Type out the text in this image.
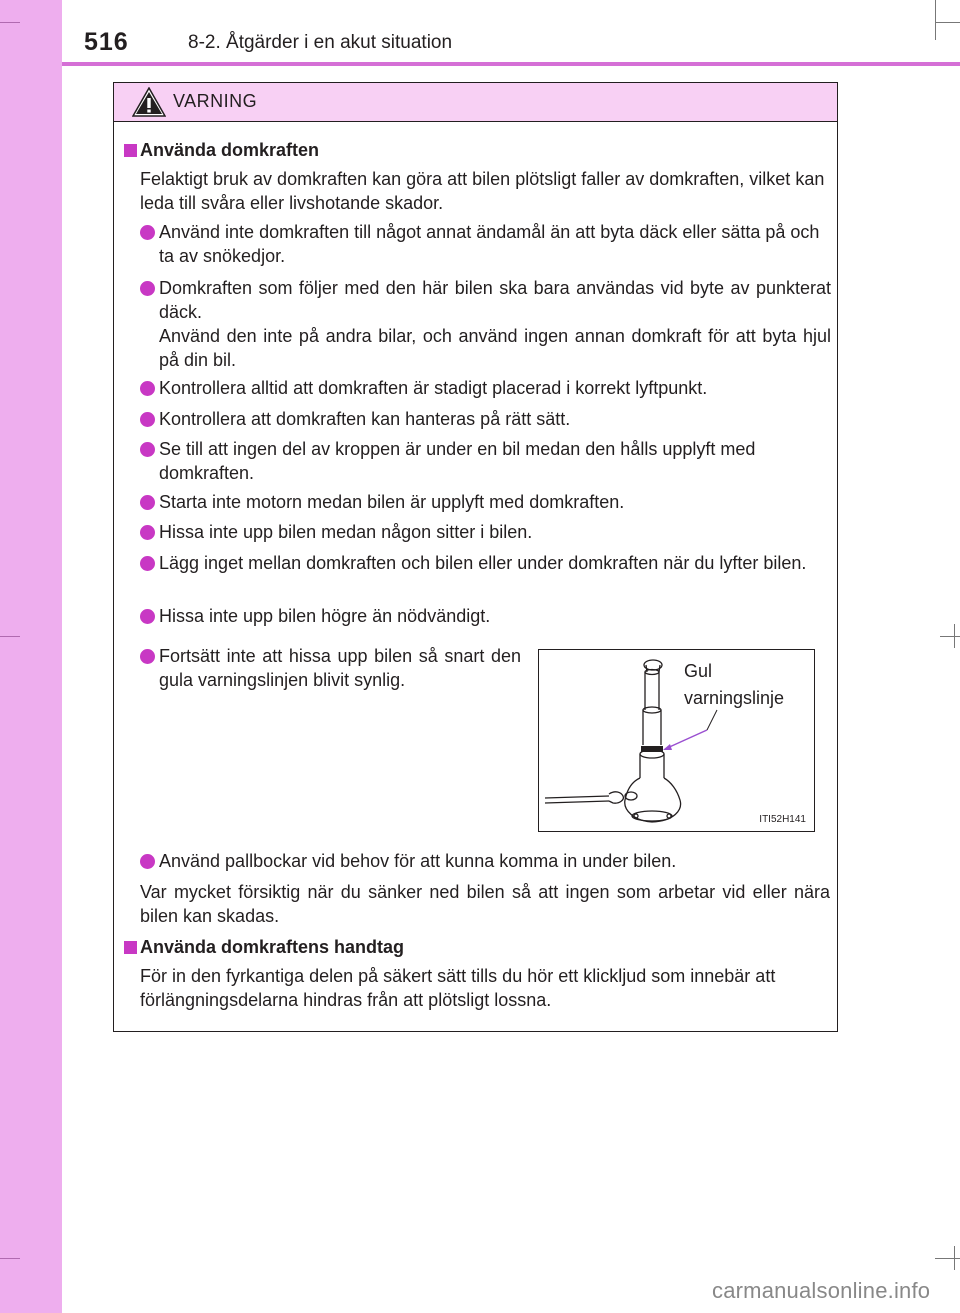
516	8-2. Åtgärder i en akut situation
VARNING
Använda domkraften
Felaktigt bruk av domkraften kan göra att bilen plötsligt faller av domkraften, vilket kan leda till svåra eller livshotande skador.
Använd inte domkraften till något annat ändamål än att byta däck eller sätta på och ta av snökedjor.
Domkraften som följer med den här bilen ska bara användas vid byte av punkterat däck.
Använd den inte på andra bilar, och använd ingen annan domkraft för att byta hjul på din bil.
Kontrollera alltid att domkraften är stadigt placerad i korrekt lyftpunkt.
Kontrollera att domkraften kan hanteras på rätt sätt.
Se till att ingen del av kroppen är under en bil medan den hålls upplyft med domkraften.
Starta inte motorn medan bilen är upplyft med domkraften.
Hissa inte upp bilen medan någon sitter i bilen.
Lägg inget mellan domkraften och bilen eller under domkraften när du lyfter bilen.
Hissa inte upp bilen högre än nödvändigt.
Fortsätt inte att hissa upp bilen så snart den gula varningslinjen blivit synlig.	Gul
varningslinje
ITI52H141
Använd pallbockar vid behov för att kunna komma in under bilen.
Var mycket försiktig när du sänker ned bilen så att ingen som arbetar vid eller nära bilen kan skadas.
Använda domkraftens handtag
För in den fyrkantiga delen på säkert sätt tills du hör ett klickljud som innebär att förlängningsdelarna hindras från att plötsligt lossna.
carmanualsonline.info
